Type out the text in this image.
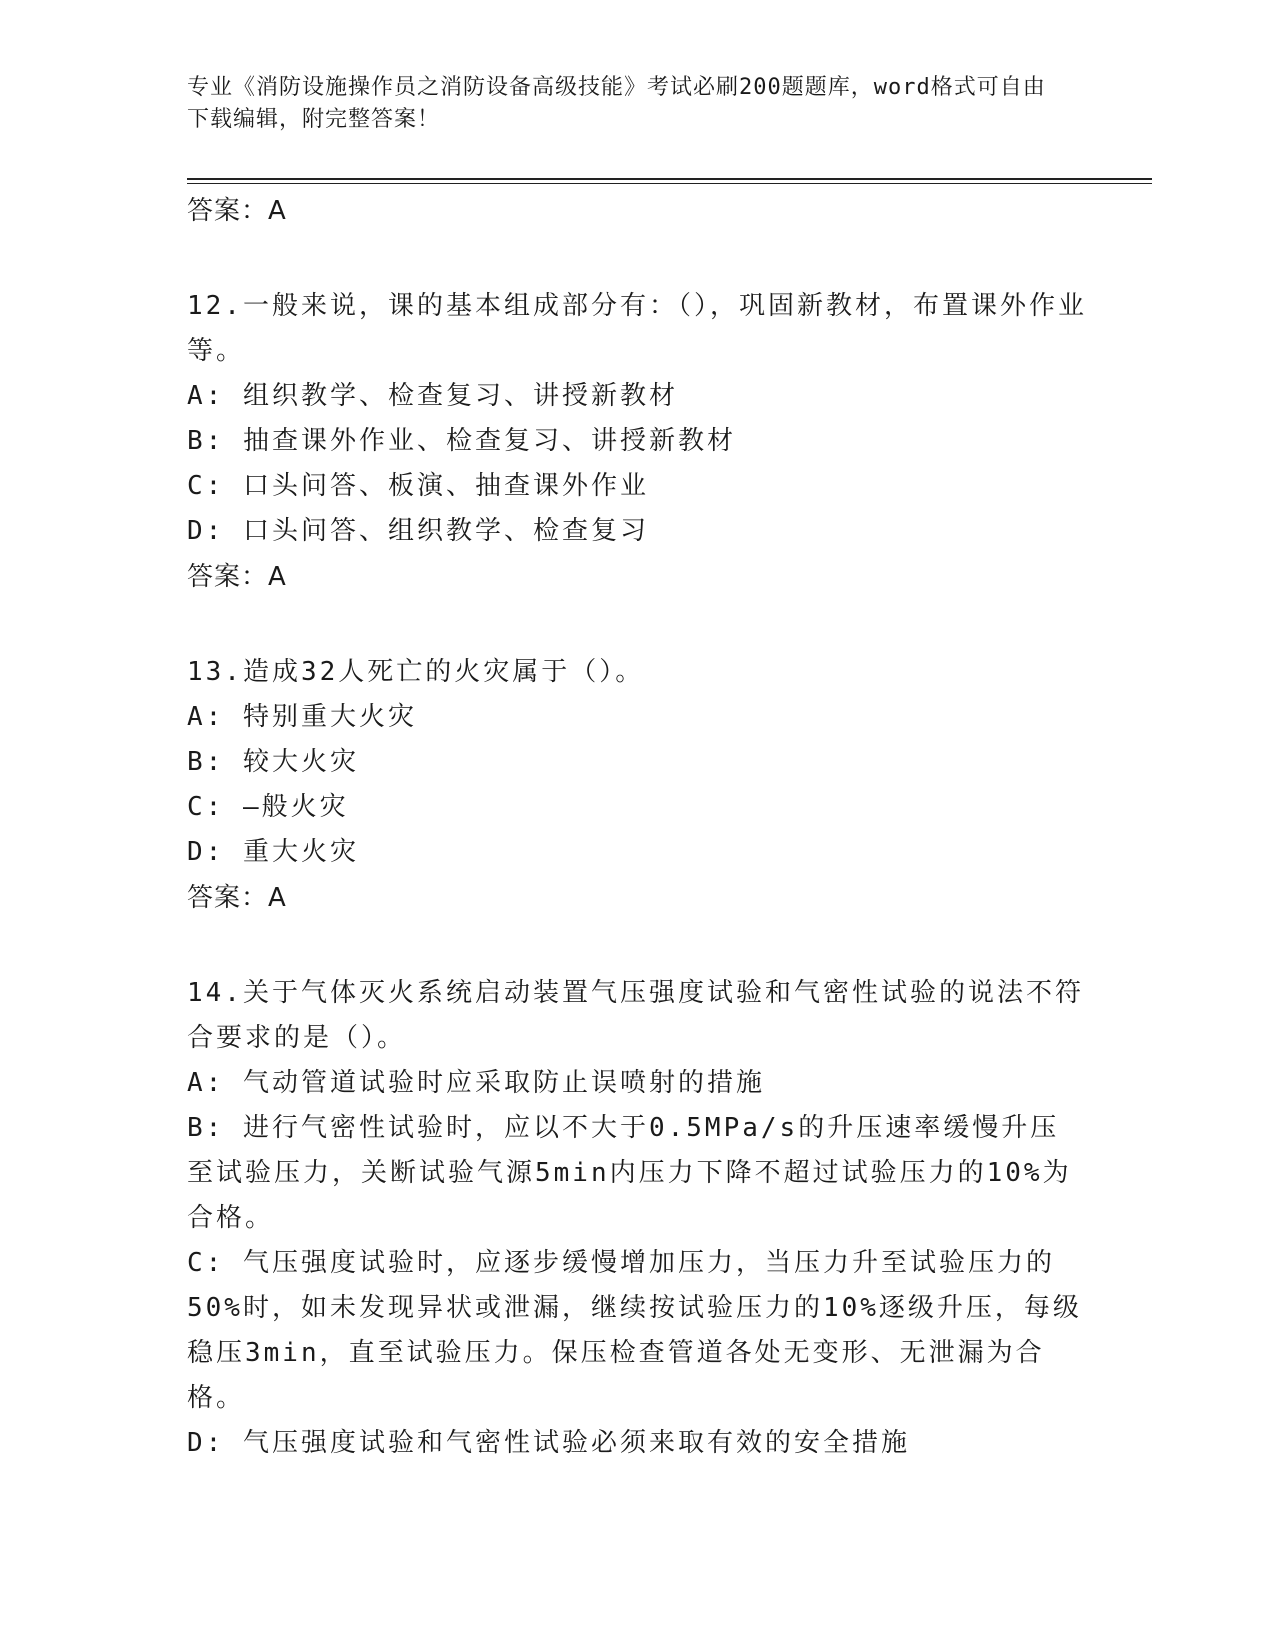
专业《消防设施操作员之消防设备高级技能》考试必刷200题题库，word格式可自由下载编辑，附完整答案！

答案：A

12.一般来说，课的基本组成部分有：（），巩固新教材，布置课外作业等。

A: 组织教学、检查复习、讲授新教材

B: 抽查课外作业、检查复习、讲授新教材

C: 口头问答、板演、抽查课外作业

D: 口头问答、组织教学、检查复习

答案：A

13.造成32人死亡的火灾属于（）。

A: 特别重大火灾

B: 较大火灾

C: —般火灾

D: 重大火灾

答案：A

14.关于气体灭火系统启动装置气压强度试验和气密性试验的说法不符合要求的是（）。

A: 气动管道试验时应采取防止误喷射的措施

B: 进行气密性试验时，应以不大于0.5MPa/s的升压速率缓慢升压至试验压力，关断试验气源5min内压力下降不超过试验压力的10%为合格。

C: 气压强度试验时，应逐步缓慢增加压力，当压力升至试验压力的50%时，如未发现异状或泄漏，继续按试验压力的10%逐级升压，每级稳压3min，直至试验压力。保压检查管道各处无变形、无泄漏为合格。

D: 气压强度试验和气密性试验必须来取有效的安全措施
